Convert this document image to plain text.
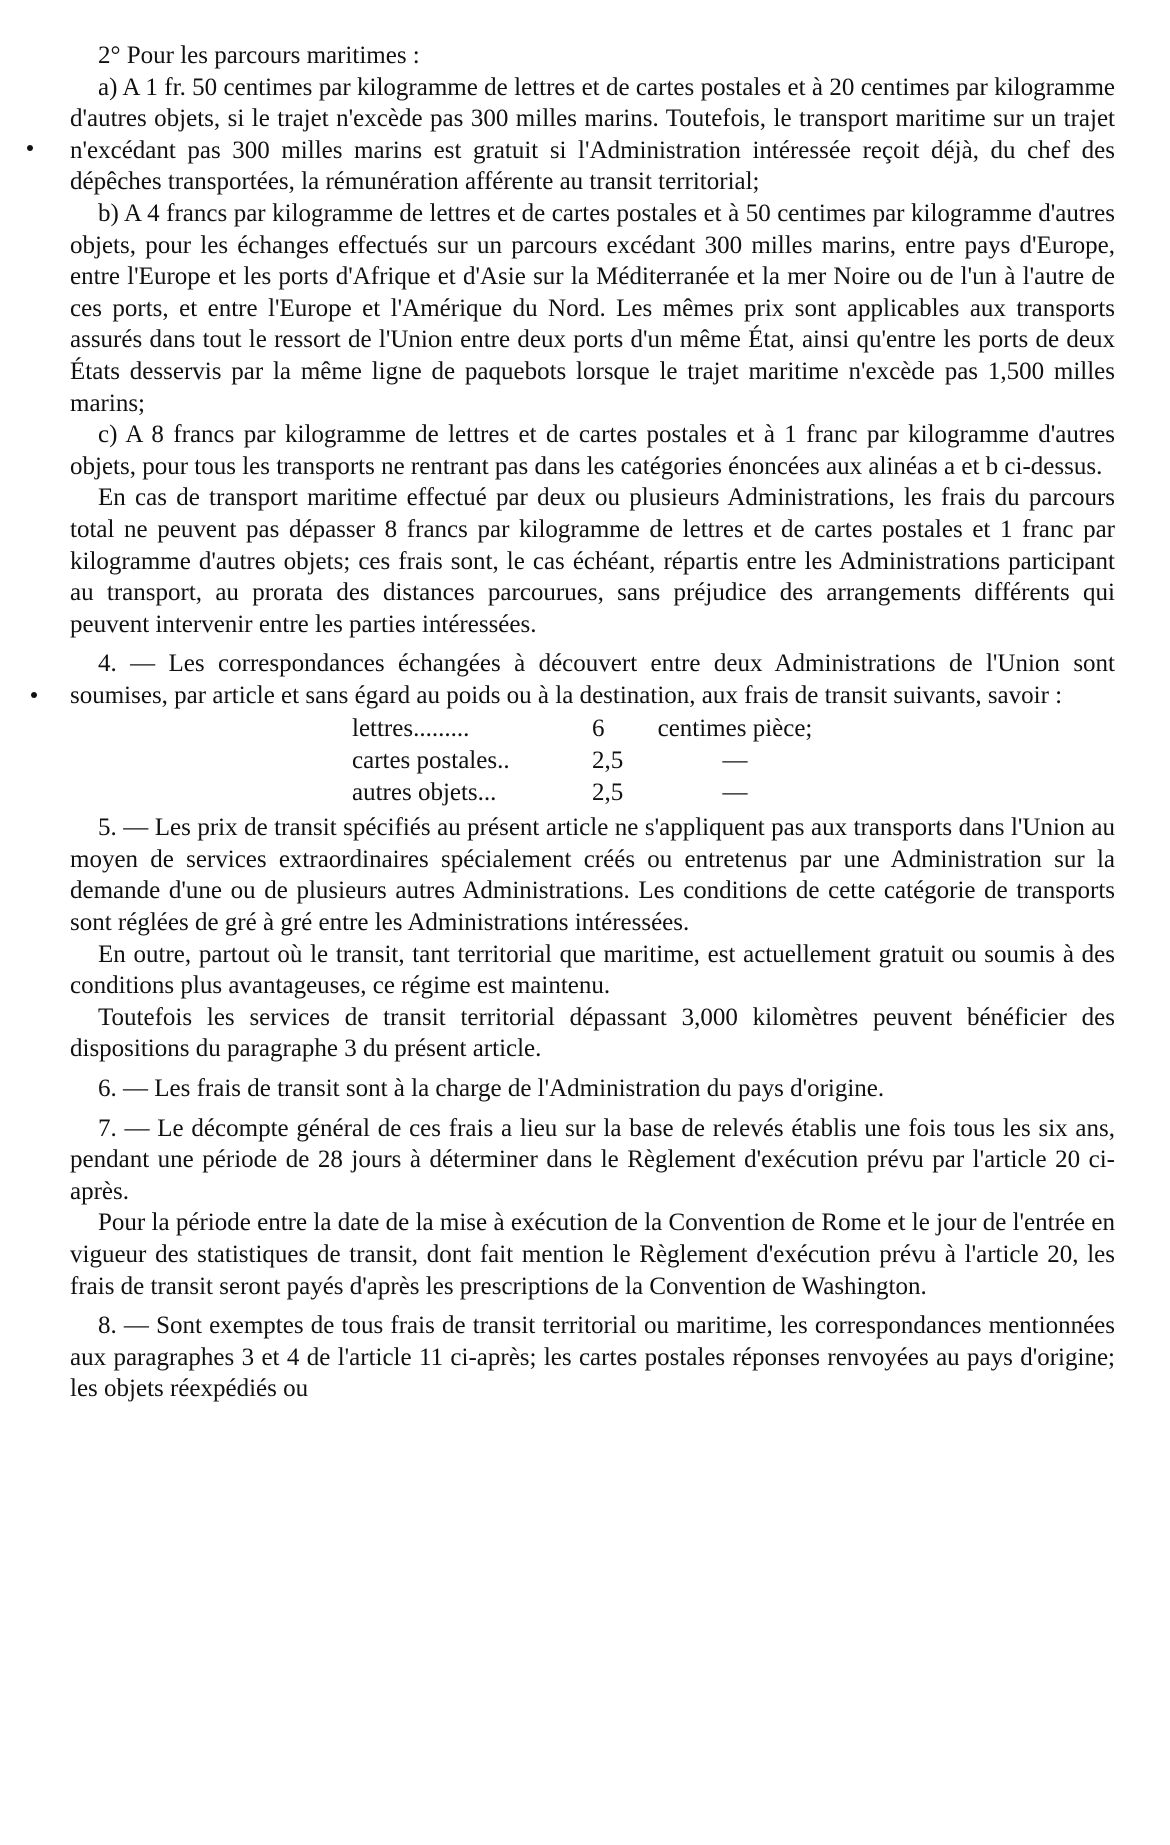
2° Pour les parcours maritimes :

a) A 1 fr. 50 centimes par kilogramme de lettres et de cartes postales et à 20 centimes par kilogramme d'autres objets, si le trajet n'excède pas 300 milles marins. Toutefois, le transport maritime sur un trajet n'excédant pas 300 milles marins est gratuit si l'Administration intéressée reçoit déjà, du chef des dépêches transportées, la rémunération afférente au transit territorial;

b) A 4 francs par kilogramme de lettres et de cartes postales et à 50 centimes par kilogramme d'autres objets, pour les échanges effectués sur un parcours excédant 300 milles marins, entre pays d'Europe, entre l'Europe et les ports d'Afrique et d'Asie sur la Méditerranée et la mer Noire ou de l'un à l'autre de ces ports, et entre l'Europe et l'Amérique du Nord. Les mêmes prix sont applicables aux transports assurés dans tout le ressort de l'Union entre deux ports d'un même État, ainsi qu'entre les ports de deux États desservis par la même ligne de paquebots lorsque le trajet maritime n'excède pas 1,500 milles marins;

c) A 8 francs par kilogramme de lettres et de cartes postales et à 1 franc par kilogramme d'autres objets, pour tous les transports ne rentrant pas dans les catégories énoncées aux alinéas a et b ci-dessus.

En cas de transport maritime effectué par deux ou plusieurs Administrations, les frais du parcours total ne peuvent pas dépasser 8 francs par kilogramme de lettres et de cartes postales et 1 franc par kilogramme d'autres objets; ces frais sont, le cas échéant, répartis entre les Administrations participant au transport, au prorata des distances parcourues, sans préjudice des arrangements différents qui peuvent intervenir entre les parties intéressées.

4. — Les correspondances échangées à découvert entre deux Administrations de l'Union sont soumises, par article et sans égard au poids ou à la destination, aux frais de transit suivants, savoir :

lettres.........	6	centimes pièce;
cartes postales..	2,5	—
autres objets...	2,5	—

5. — Les prix de transit spécifiés au présent article ne s'appliquent pas aux transports dans l'Union au moyen de services extraordinaires spécialement créés ou entretenus par une Administration sur la demande d'une ou de plusieurs autres Administrations. Les conditions de cette catégorie de transports sont réglées de gré à gré entre les Administrations intéressées.

En outre, partout où le transit, tant territorial que maritime, est actuellement gratuit ou soumis à des conditions plus avantageuses, ce régime est maintenu.

Toutefois les services de transit territorial dépassant 3,000 kilomètres peuvent bénéficier des dispositions du paragraphe 3 du présent article.

6. — Les frais de transit sont à la charge de l'Administration du pays d'origine.

7. — Le décompte général de ces frais a lieu sur la base de relevés établis une fois tous les six ans, pendant une période de 28 jours à déterminer dans le Règlement d'exécution prévu par l'article 20 ci-après.

Pour la période entre la date de la mise à exécution de la Convention de Rome et le jour de l'entrée en vigueur des statistiques de transit, dont fait mention le Règlement d'exécution prévu à l'article 20, les frais de transit seront payés d'après les prescriptions de la Convention de Washington.

8. — Sont exemptes de tous frais de transit territorial ou maritime, les correspondances mentionnées aux paragraphes 3 et 4 de l'article 11 ci-après; les cartes postales réponses renvoyées au pays d'origine; les objets réexpédiés ou
